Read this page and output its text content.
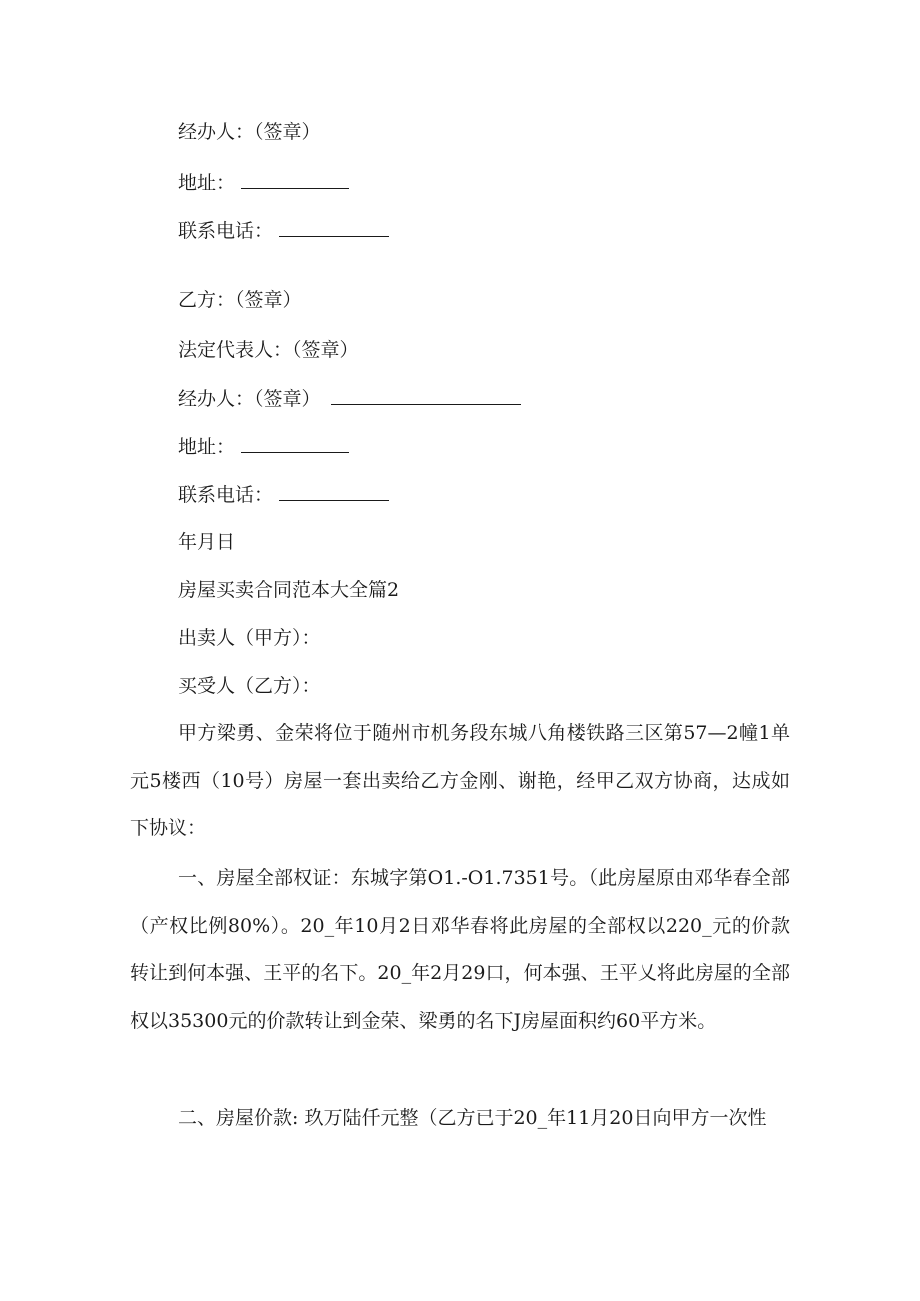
经办人：（签章）
地址：
联系电话：
乙方：（签章）
法定代表人：（签章）
经办人：（签章）
地址：
联系电话：
年月日
房屋买卖合同范本大全篇2
出卖人（甲方）：
买受人（乙方）：
甲方梁勇、金荣将位于随州市机务段东城八角楼铁路三区第57—2幢1单元5楼西（10号）房屋一套出卖给乙方金刚、谢艳，经甲乙双方协商，达成如下协议：
一、房屋全部权证：东城字第O1.-O1.7351号。（此房屋原由邓华春全部（产权比例80%）。20_年10月2日邓华春将此房屋的全部权以220_元的价款转让到何本强、王平的名下。20_年2月29口，何本强、王平乂将此房屋的全部权以35300元的价款转让到金荣、梁勇的名下J房屋面积约60平方米。
二、房屋价款: 玖万陆仟元整（乙方已于20_年11月20日向甲方一次性
